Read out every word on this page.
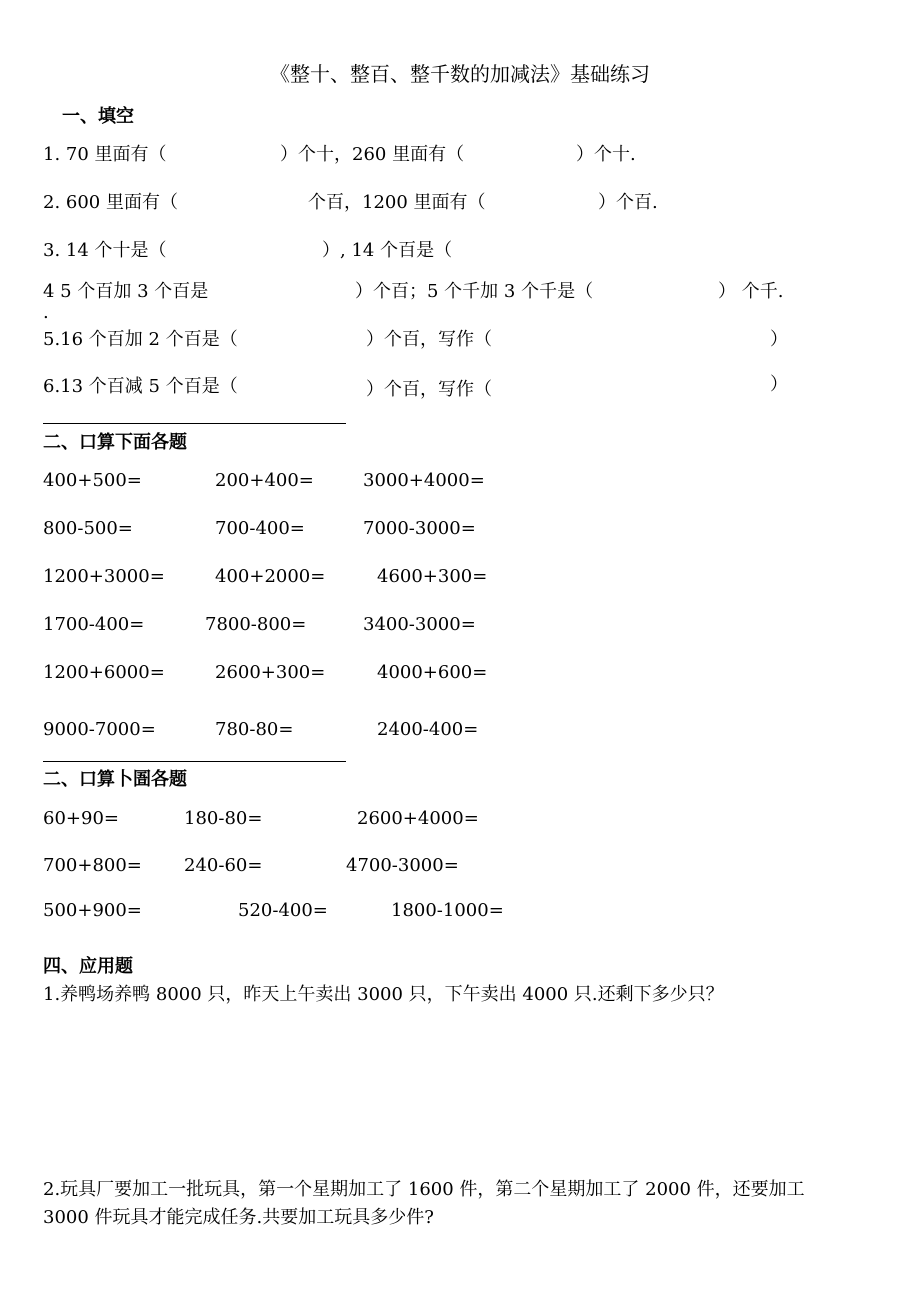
《整十、整百、整千数的加减法》基础练习
一、填空
1. 70 里面有（	）个十，260 里面有（	）个十.
2. 600 里面有（	个百，1200 里面有（	）个百.
3. 14 个十是（	）, 14 个百是（
4 5 个百加 3 个百是	）个百；5 个千加 3 个千是（	） 个千.
.
5.16 个百加 2 个百是（	）个百，写作（	）
6.13 个百减 5 个百是（	）个百，写作（	）
二、口算下面各题
400+500=	200+400=	3000+4000=
800-500=	700-400=	7000-3000=
1200+3000=	400+2000=	4600+300=
1700-400=	7800-800=	3400-3000=
1200+6000=	2600+300=	4000+600=
9000-7000=	780-80=	2400-400=
二、口算卜圄各题
60+90=	180-80=	2600+4000=
700+800= 240-60=	4700-3000=
500+900=	520-400=	1800-1000=
四、应用题
1.养鸭场养鸭 8000 只，昨天上午卖出 3000 只，下午卖出 4000 只.还剩下多少只？
2.玩具厂要加工一批玩具，第一个星期加工了 1600 件，第二个星期加工了 2000 件，还要加工
3000 件玩具才能完成任务.共要加工玩具多少件?
